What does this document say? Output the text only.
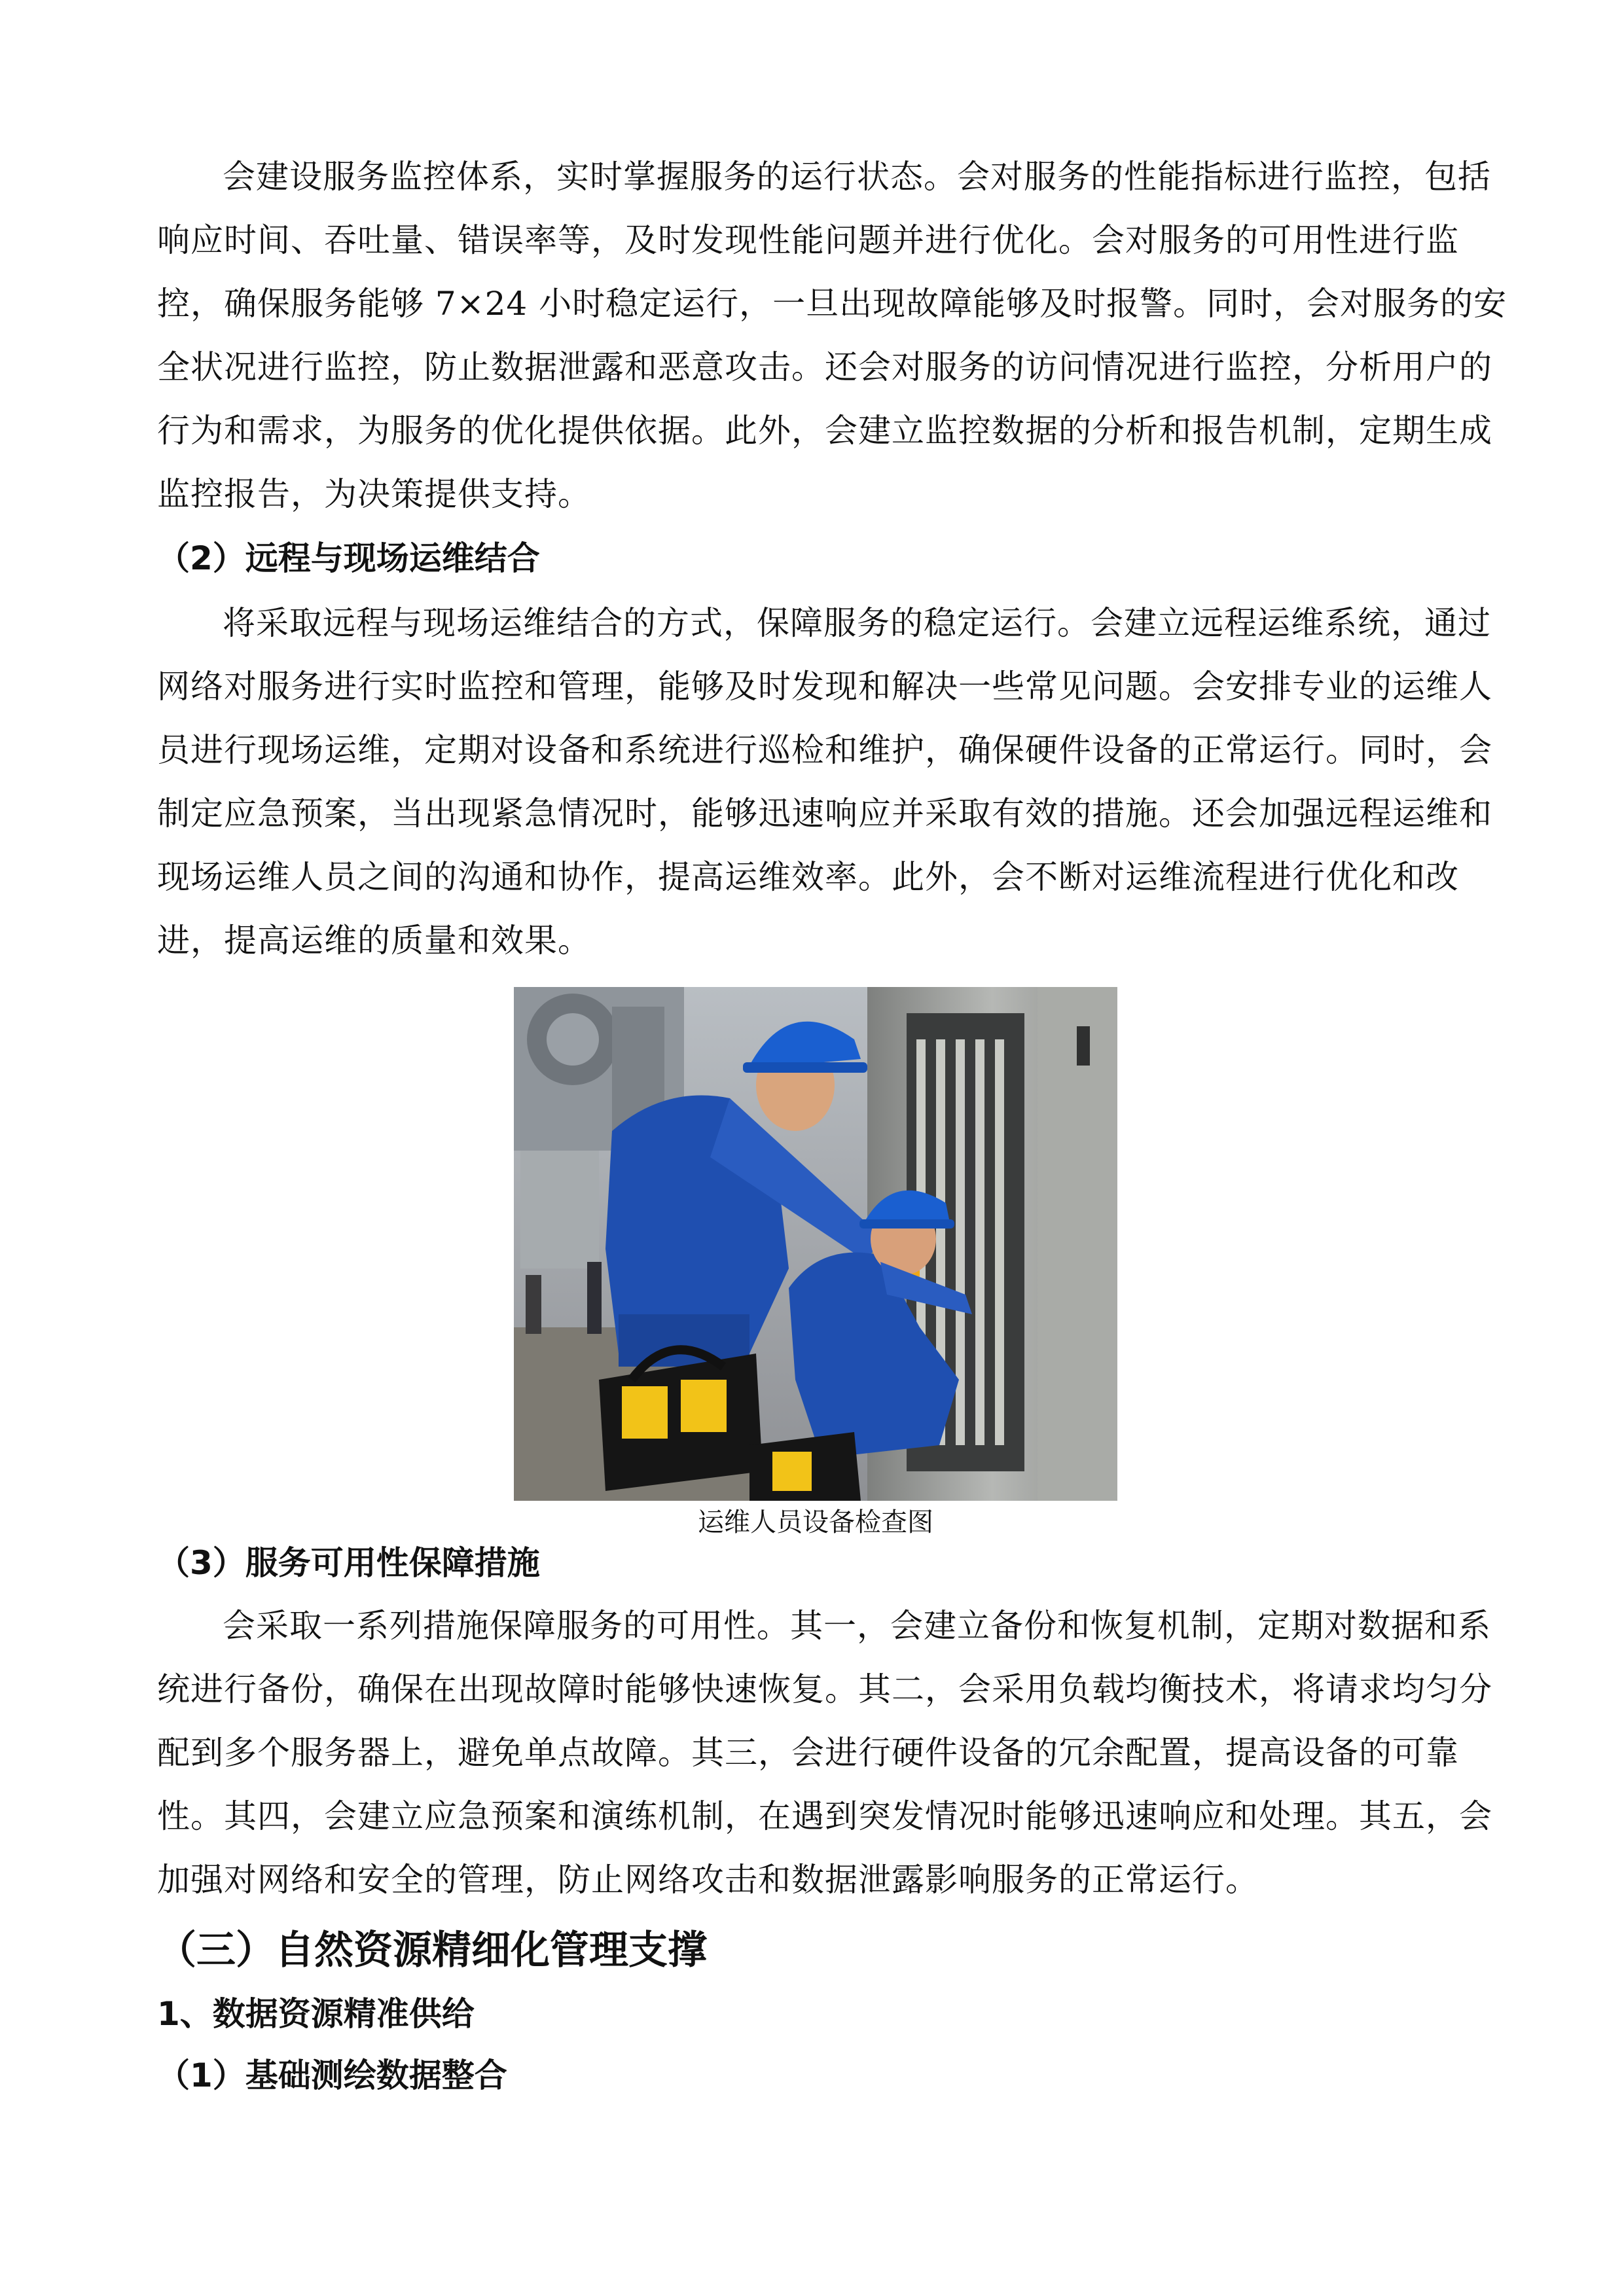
会建设服务监控体系，实时掌握服务的运行状态。会对服务的性能指标进行监控，包括
响应时间、吞吐量、错误率等，及时发现性能问题并进行优化。会对服务的可用性进行监
控，确保服务能够 7×24 小时稳定运行，一旦出现故障能够及时报警。同时，会对服务的安
全状况进行监控，防止数据泄露和恶意攻击。还会对服务的访问情况进行监控，分析用户的
行为和需求，为服务的优化提供依据。此外，会建立监控数据的分析和报告机制，定期生成
监控报告，为决策提供支持。
（2）远程与现场运维结合
将采取远程与现场运维结合的方式，保障服务的稳定运行。会建立远程运维系统，通过
网络对服务进行实时监控和管理，能够及时发现和解决一些常见问题。会安排专业的运维人
员进行现场运维，定期对设备和系统进行巡检和维护，确保硬件设备的正常运行。同时，会
制定应急预案，当出现紧急情况时，能够迅速响应并采取有效的措施。还会加强远程运维和
现场运维人员之间的沟通和协作，提高运维效率。此外，会不断对运维流程进行优化和改
进，提高运维的质量和效果。
运维人员设备检查图
（3）服务可用性保障措施
会采取一系列措施保障服务的可用性。其一，会建立备份和恢复机制，定期对数据和系
统进行备份，确保在出现故障时能够快速恢复。其二，会采用负载均衡技术，将请求均匀分
配到多个服务器上，避免单点故障。其三，会进行硬件设备的冗余配置，提高设备的可靠
性。其四，会建立应急预案和演练机制，在遇到突发情况时能够迅速响应和处理。其五，会
加强对网络和安全的管理，防止网络攻击和数据泄露影响服务的正常运行。
（三）自然资源精细化管理支撑
1、数据资源精准供给
（1）基础测绘数据整合
